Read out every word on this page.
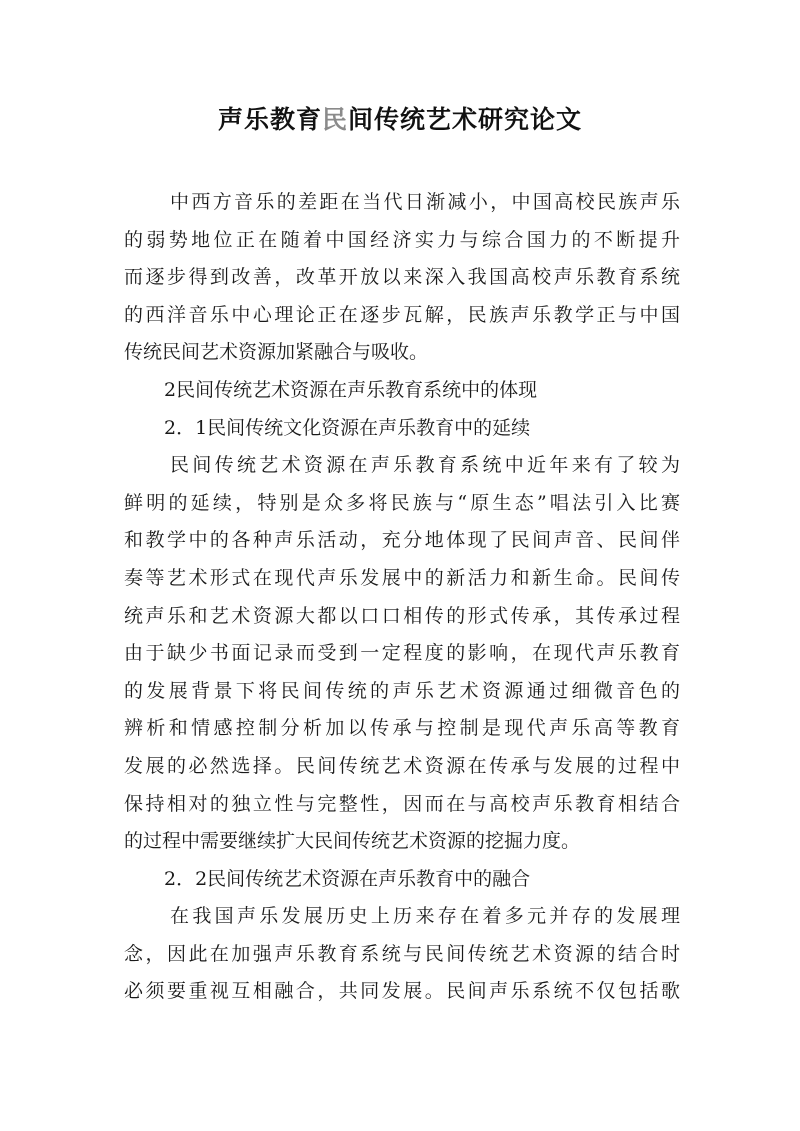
声乐教育民间传统艺术研究论文
中西方音乐的差距在当代日渐减小，中国高校民族声乐
的弱势地位正在随着中国经济实力与综合国力的不断提升
而逐步得到改善，改革开放以来深入我国高校声乐教育系统
的西洋音乐中心理论正在逐步瓦解，民族声乐教学正与中国
传统民间艺术资源加紧融合与吸收。
2民间传统艺术资源在声乐教育系统中的体现
2．1民间传统文化资源在声乐教育中的延续
民间传统艺术资源在声乐教育系统中近年来有了较为
鲜明的延续，特别是众多将民族与“原生态”唱法引入比赛
和教学中的各种声乐活动，充分地体现了民间声音、民间伴
奏等艺术形式在现代声乐发展中的新活力和新生命。民间传
统声乐和艺术资源大都以口口相传的形式传承，其传承过程
由于缺少书面记录而受到一定程度的影响，在现代声乐教育
的发展背景下将民间传统的声乐艺术资源通过细微音色的
辨析和情感控制分析加以传承与控制是现代声乐高等教育
发展的必然选择。民间传统艺术资源在传承与发展的过程中
保持相对的独立性与完整性，因而在与高校声乐教育相结合
的过程中需要继续扩大民间传统艺术资源的挖掘力度。
2．2民间传统艺术资源在声乐教育中的融合
在我国声乐发展历史上历来存在着多元并存的发展理
念，因此在加强声乐教育系统与民间传统艺术资源的结合时
必须要重视互相融合，共同发展。民间声乐系统不仅包括歌
